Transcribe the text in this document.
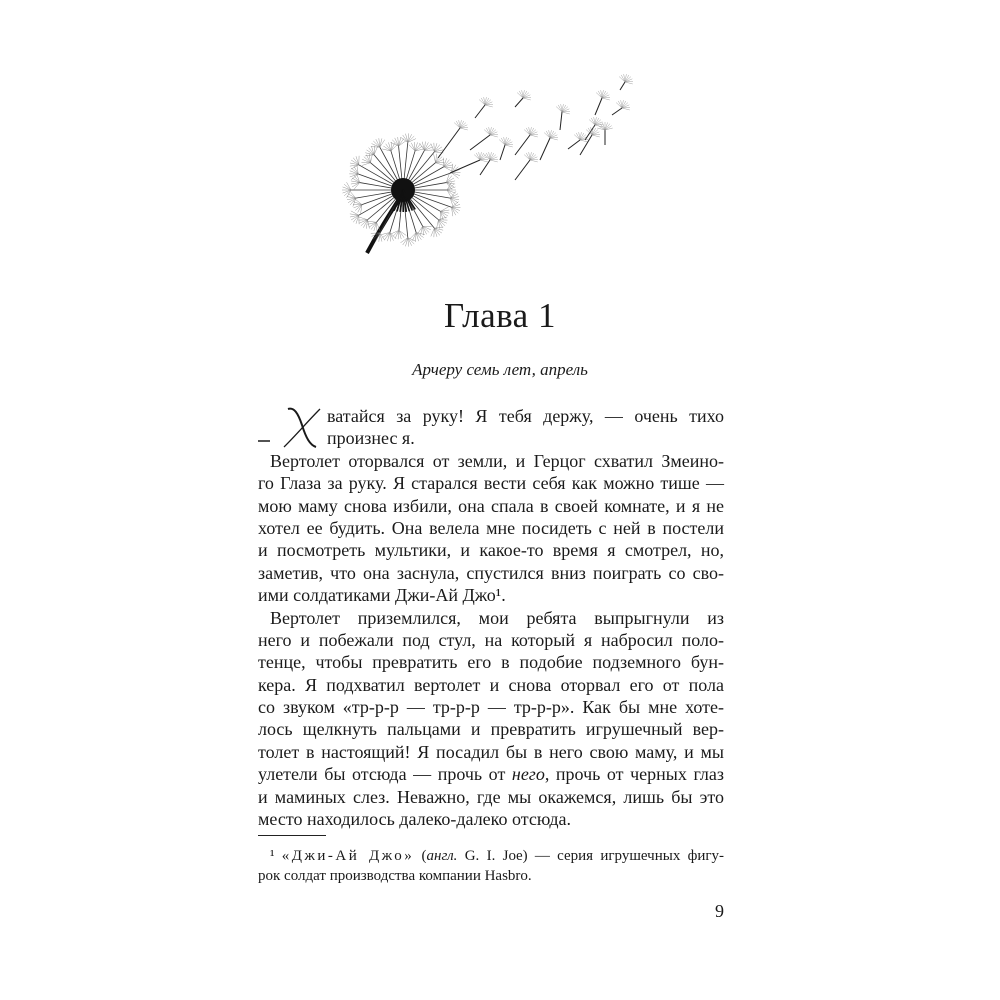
Глава 1
Арчеру семь лет, апрель
ватайся за руку! Я тебя держу, — очень тихо
произнес я.
Вертолет оторвался от земли, и Герцог схватил Змеино-
го Глаза за руку. Я старался вести себя как можно тише —
мою маму снова избили, она спала в своей комнате, и я не
хотел ее будить. Она велела мне посидеть с ней в постели
и посмотреть мультики, и какое-то время я смотрел, но,
заметив, что она заснула, спустился вниз поиграть со сво-
ими солдатиками Джи-Ай Джо¹.
Вертолет приземлился, мои ребята выпрыгнули из
него и побежали под стул, на который я набросил поло-
тенце, чтобы превратить его в подобие подземного бун-
кера. Я подхватил вертолет и снова оторвал его от пола
со звуком «тр-р-р — тр-р-р — тр-р-р». Как бы мне хоте-
лось щелкнуть пальцами и превратить игрушечный вер-
толет в настоящий! Я посадил бы в него свою маму, и мы
улетели бы отсюда — прочь от него, прочь от черных глаз
и маминых слез. Неважно, где мы окажемся, лишь бы это
место находилось далеко-далеко отсюда.
¹ «Джи-Ай Джо» (англ. G. I. Joe) — серия игрушечных фигу-
рок солдат производства компании Hasbro.
9
